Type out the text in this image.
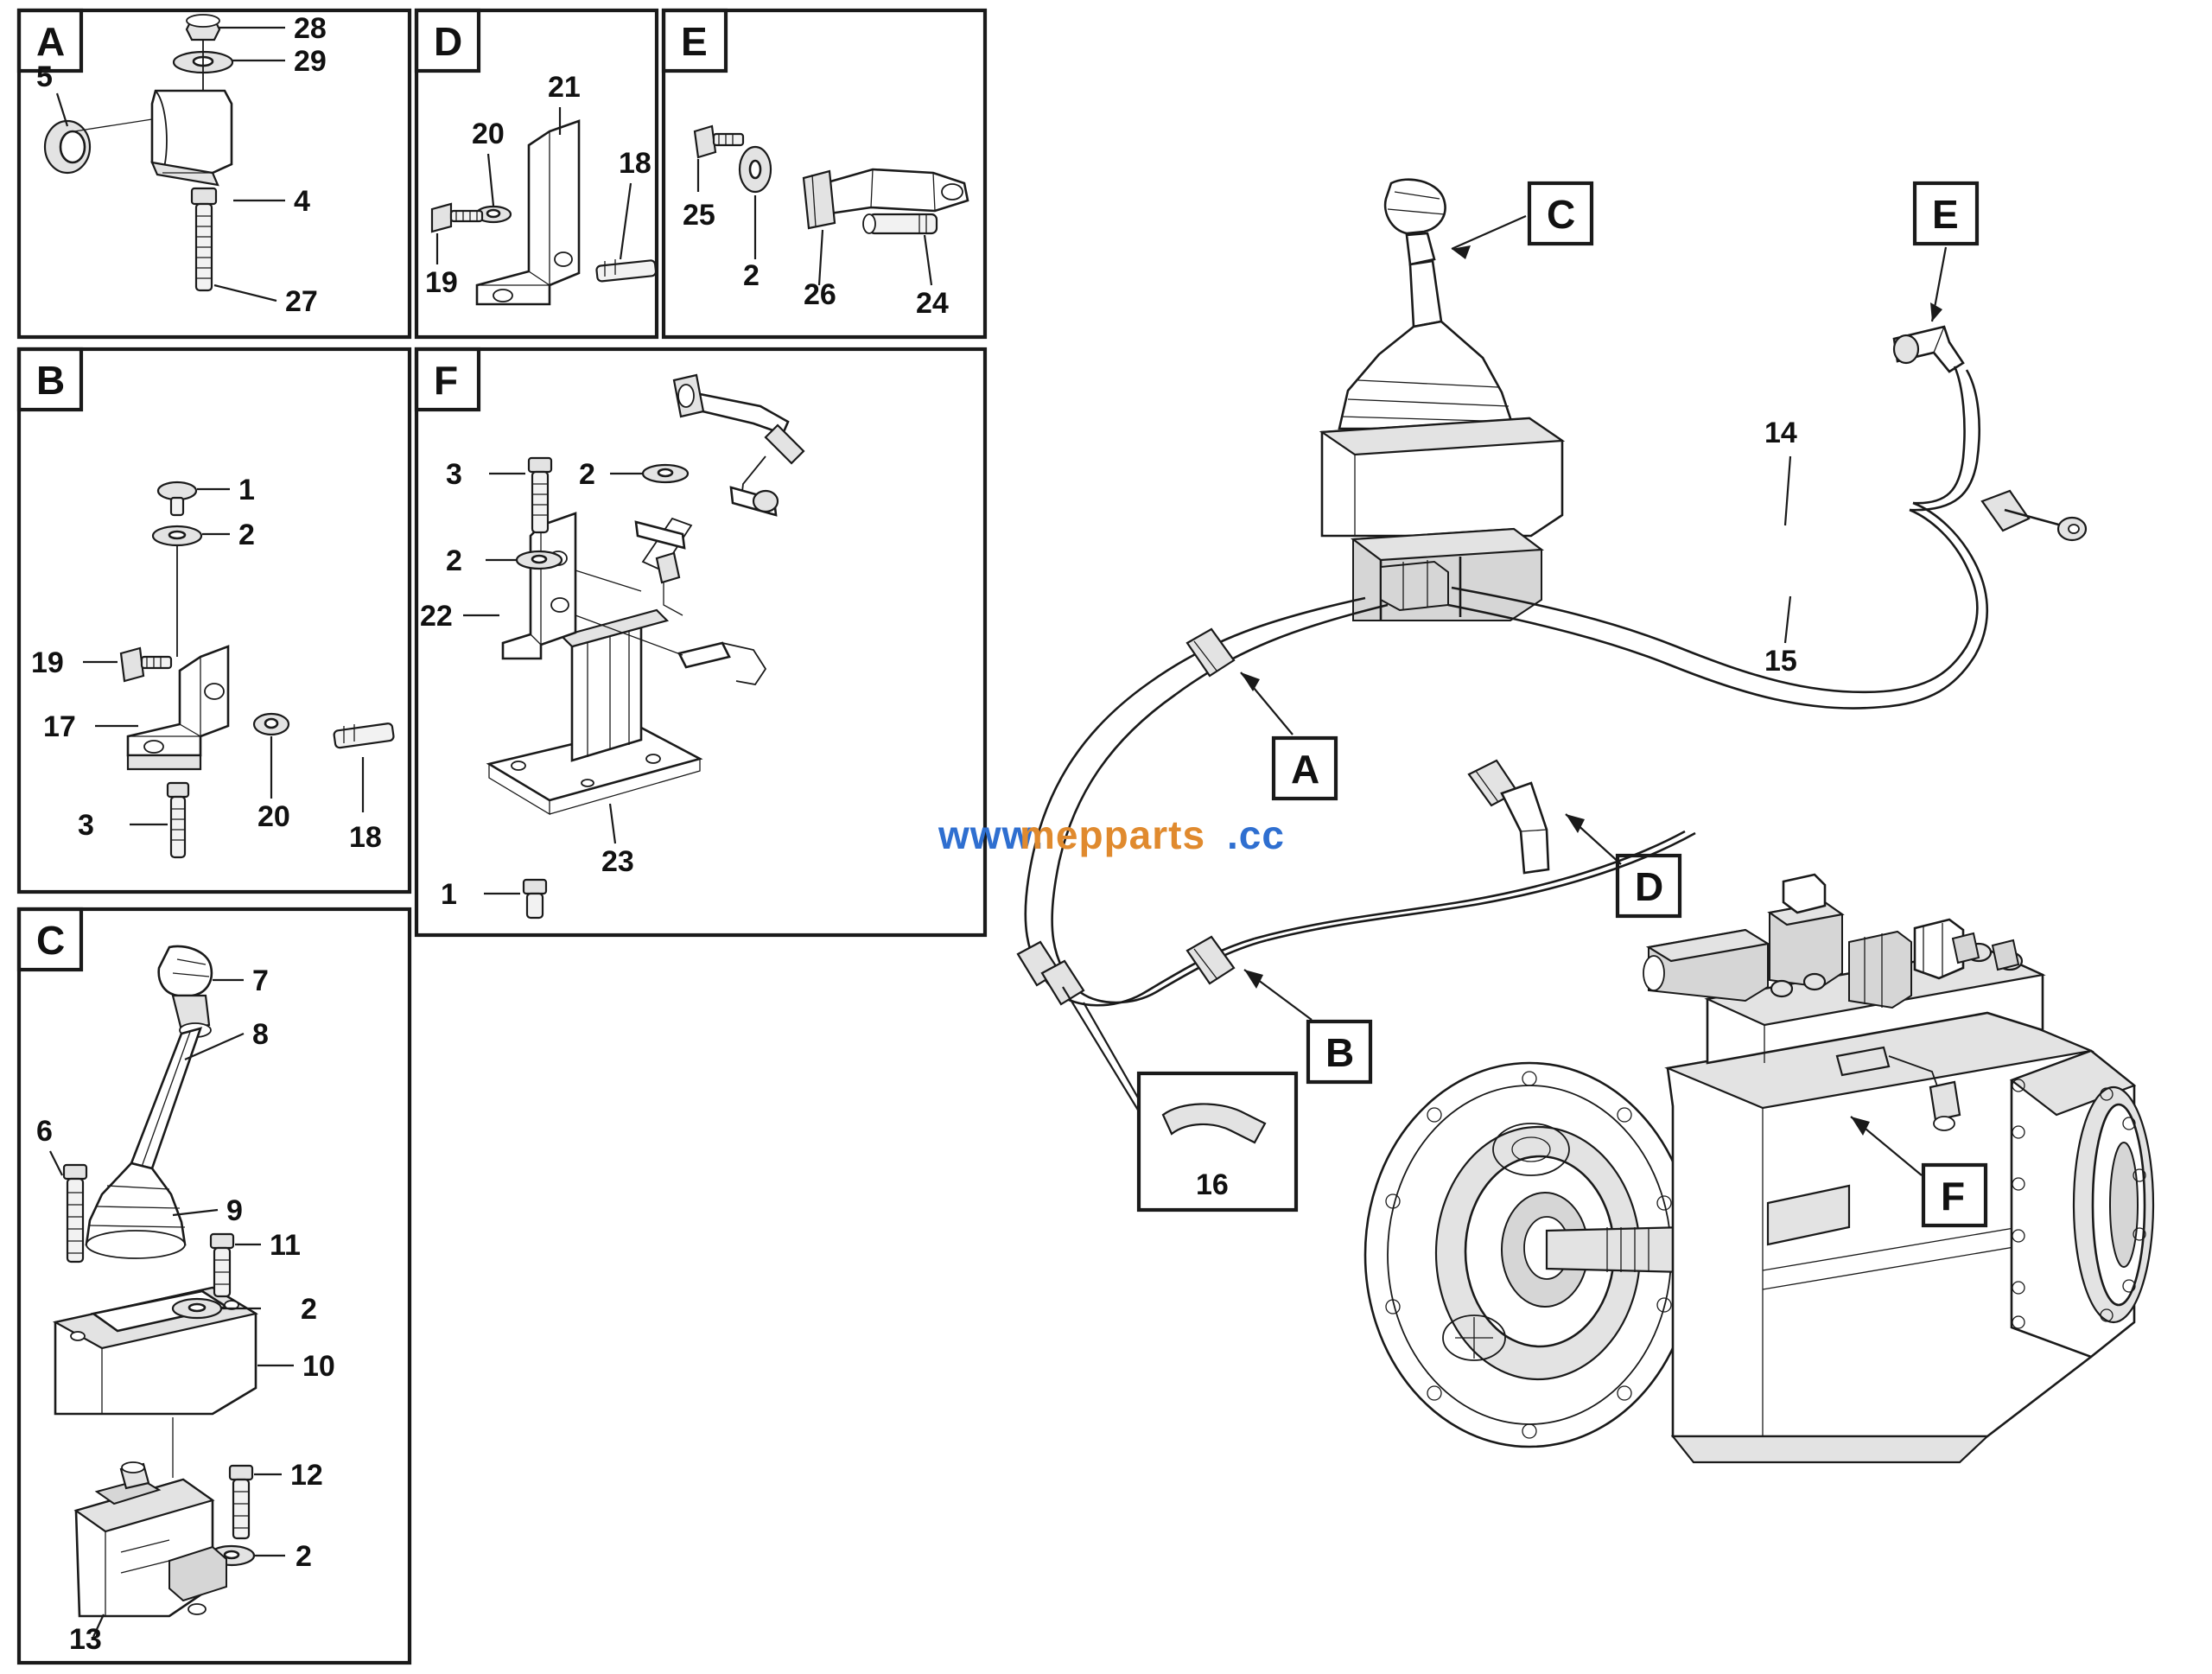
A
5
28
29
27
4
D
21
20
19
18
E
26
2
25
24
B
17
1
2
19
20
18
3
F
23
22
3
2
2
1
C
7
8
9
10
6
11
2
12
2
13
C
14
15
E
A
B
D
16	F
www.
mepparts .cc
